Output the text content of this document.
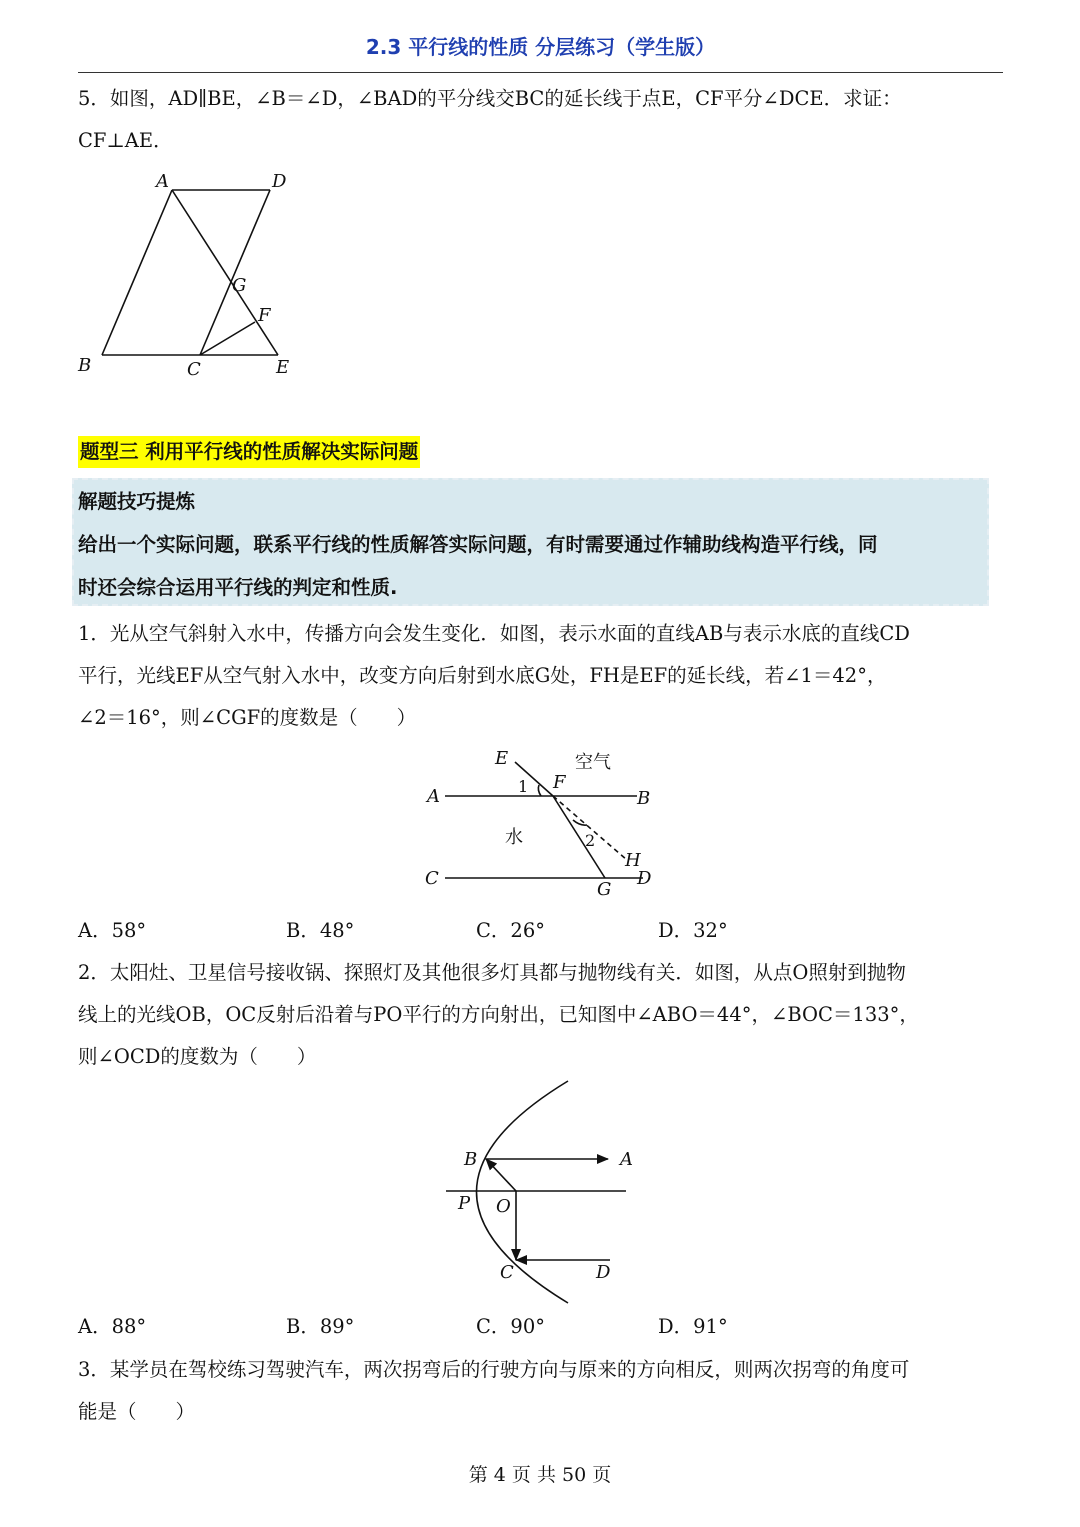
2.3 平行线的性质 分层练习（学生版）
5．如图，AD∥BE，∠B＝∠D，∠BAD的平分线交BC的延长线于点E，CF平分∠DCE．求证：
CF⊥AE．
A	D
G
F
B	C	E
题型三 利用平行线的性质解决实际问题
解题技巧提炼
给出一个实际问题，联系平行线的性质解答实际问题，有时需要通过作辅助线构造平行线，同
时还会综合运用平行线的判定和性质.
1．光从空气斜射入水中，传播方向会发生变化．如图，表示水面的直线AB与表示水底的直线CD
平行，光线EF从空气射入水中，改变方向后射到水底G处，FH是EF的延长线，若∠1＝42°，
∠2＝16°，则∠CGF的度数是（　　）
E	空气
A	1 F
B
水	2
H
C
G
D
A．58°	B．48°	C．26°	D．32°
2．太阳灶、卫星信号接收锅、探照灯及其他很多灯具都与抛物线有关．如图，从点O照射到抛物
线上的光线OB，OC反射后沿着与PO平行的方向射出，已知图中∠ABO＝44°，∠BOC＝133°，
则∠OCD的度数为（　　）
B	A
P O
C	D
A．88°	B．89°	C．90°	D．91°
3．某学员在驾校练习驾驶汽车，两次拐弯后的行驶方向与原来的方向相反，则两次拐弯的角度可
能是（　　）
第 4 页 共 50 页
